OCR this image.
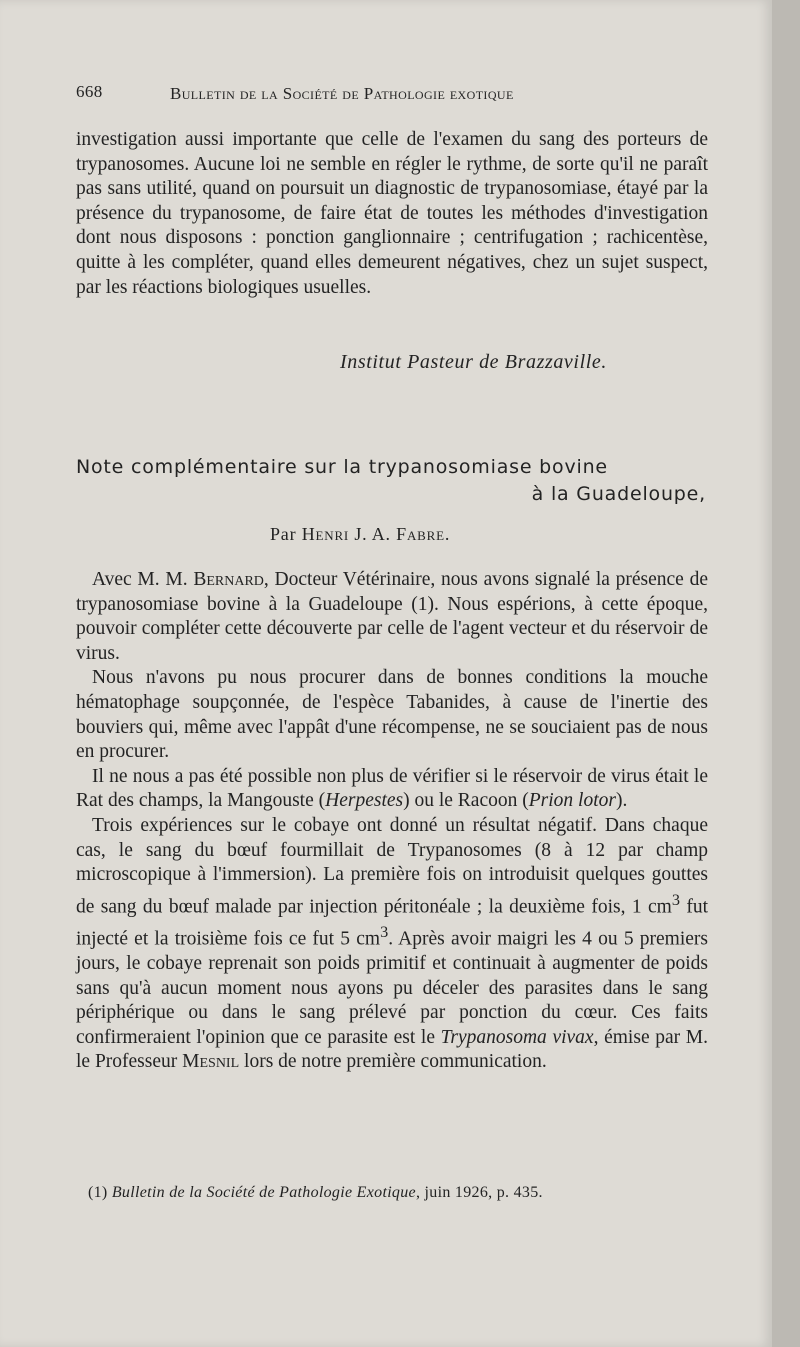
668	Bulletin de la Société de Pathologie exotique

investigation aussi importante que celle de l'examen du sang des porteurs de trypanosomes. Aucune loi ne semble en régler le rythme, de sorte qu'il ne paraît pas sans utilité, quand on poursuit un diagnostic de trypanosomiase, étayé par la présence du trypanosome, de faire état de toutes les méthodes d'investigation dont nous disposons : ponction ganglionnaire ; centrifugation ; rachicentèse, quitte à les compléter, quand elles demeurent négatives, chez un sujet suspect, par les réactions biologiques usuelles.

Institut Pasteur de Brazzaville.
Note complémentaire sur la trypanosomiase bovine
à la Guadeloupe,
Par Henri J. A. Fabre.

Avec M. M. Bernard, Docteur Vétérinaire, nous avons signalé la présence de trypanosomiase bovine à la Guadeloupe (1). Nous espérions, à cette époque, pouvoir compléter cette découverte par celle de l'agent vecteur et du réservoir de virus.

Nous n'avons pu nous procurer dans de bonnes conditions la mouche hématophage soupçonnée, de l'espèce Tabanides, à cause de l'inertie des bouviers qui, même avec l'appât d'une récompense, ne se souciaient pas de nous en procurer.

Il ne nous a pas été possible non plus de vérifier si le réservoir de virus était le Rat des champs, la Mangouste (Herpestes) ou le Racoon (Prion lotor).

Trois expériences sur le cobaye ont donné un résultat négatif. Dans chaque cas, le sang du bœuf fourmillait de Trypanosomes (8 à 12 par champ microscopique à l'immersion). La première fois on introduisit quelques gouttes de sang du bœuf malade par injection péritonéale ; la deuxième fois, 1 $cm^3$ fut injecté et la troisième fois ce fut 5 $cm^3$. Après avoir maigri les 4 ou 5 premiers jours, le cobaye reprenait son poids primitif et continuait à augmenter de poids sans qu'à aucun moment nous ayons pu déceler des parasites dans le sang périphérique ou dans le sang prélevé par ponction du cœur. Ces faits confirmeraient l'opinion que ce parasite est le Trypanosoma vivax, émise par M. le Professeur Mesnil lors de notre première communication.

(1) Bulletin de la Société de Pathologie Exotique, juin 1926, p. 435.
